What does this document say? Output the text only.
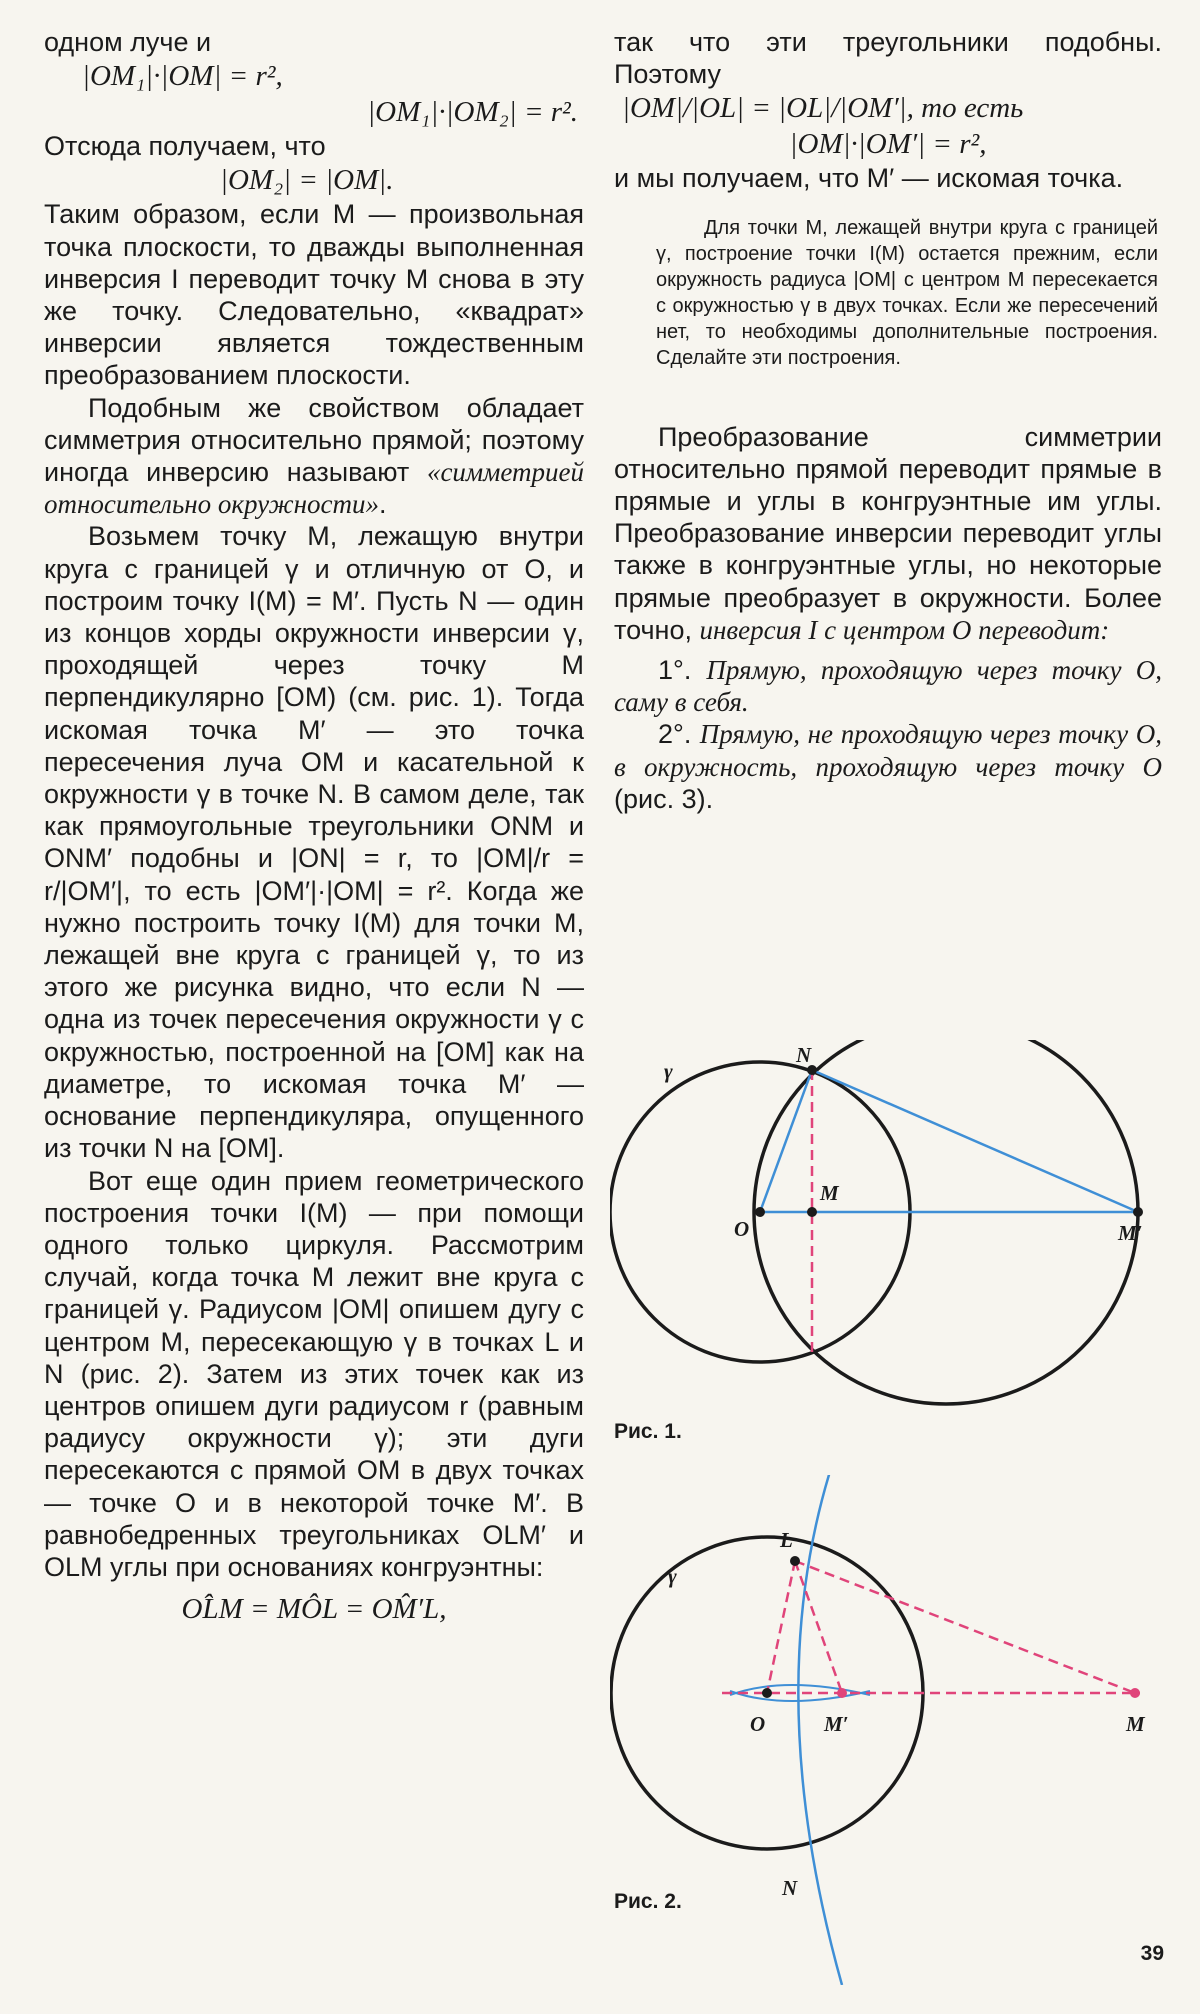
одном луче и

|OM₁|·|OM| = r²,

|OM₁|·|OM₂| = r².

Отсюда получаем, что

|OM₂| = |OM|.

Таким образом, если M — произвольная точка плоскости, то дважды выполненная инверсия I переводит точку M снова в эту же точку. Следовательно, «квадрат» инверсии является тождественным преобразованием плоскости.

Подобным же свойством обладает симметрия относительно прямой; поэтому иногда инверсию называют «симметрией относительно окружности».

Возьмем точку M, лежащую внутри круга с границей γ и отличную от O, и построим точку I(M) = M′. Пусть N — один из концов хорды окружности инверсии γ, проходящей через точку M перпендикулярно [OM) (см. рис. 1). Тогда искомая точка M′ — это точка пересечения луча OM и касательной к окружности γ в точке N. В самом деле, так как прямоугольные треугольники ONM и ONM′ подобны и |ON| = r, то |OM|/r = r/|OM′|, то есть |OM′|·|OM| = r². Когда же нужно построить точку I(M) для точки M, лежащей вне круга с границей γ, то из этого же рисунка видно, что если N — одна из точек пересечения окружности γ с окружностью, построенной на [OM] как на диаметре, то искомая точка M′ — основание перпендикуляра, опущенного из точки N на [OM].

Вот еще один прием геометрического построения точки I(M) — при помощи одного только циркуля. Рассмотрим случай, когда точка M лежит вне круга с границей γ. Радиусом |OM| опишем дугу с центром M, пересекающую γ в точках L и N (рис. 2). Затем из этих точек как из центров опишем дуги радиусом r (равным радиусу окружности γ); эти дуги пересекаются с прямой OM в двух точках — точке O и в некоторой точке M′. В равнобедренных треугольниках OLM′ и OLM углы при основаниях конгруэнтны:

OL̂M = MÔL = OM̂′L,

так что эти треугольники подобны. Поэтому

|OM|/|OL| = |OL|/|OM′|, то есть

|OM|·|OM′| = r²,

и мы получаем, что M′ — искомая точка.

Для точки M, лежащей внутри круга с границей γ, построение точки I(M) остается прежним, если окружность радиуса |OM| с центром M пересекается с окружностью γ в двух точках. Если же пересечений нет, то необходимы дополнительные построения. Сделайте эти построения.

Преобразование симметрии относительно прямой переводит прямые в прямые и углы в конгруэнтные им углы. Преобразование инверсии переводит углы также в конгруэнтные углы, но некоторые прямые преобразует в окружности. Более точно, инверсия I с центром O переводит:

1°. Прямую, проходящую через точку O, саму в себя.

2°. Прямую, не проходящую через точку O, в окружность, проходящую через точку O (рис. 3).

γ
N
M
O	M′
Рис. 1.
γ
L
O	M′	M
N
Рис. 2.
39
